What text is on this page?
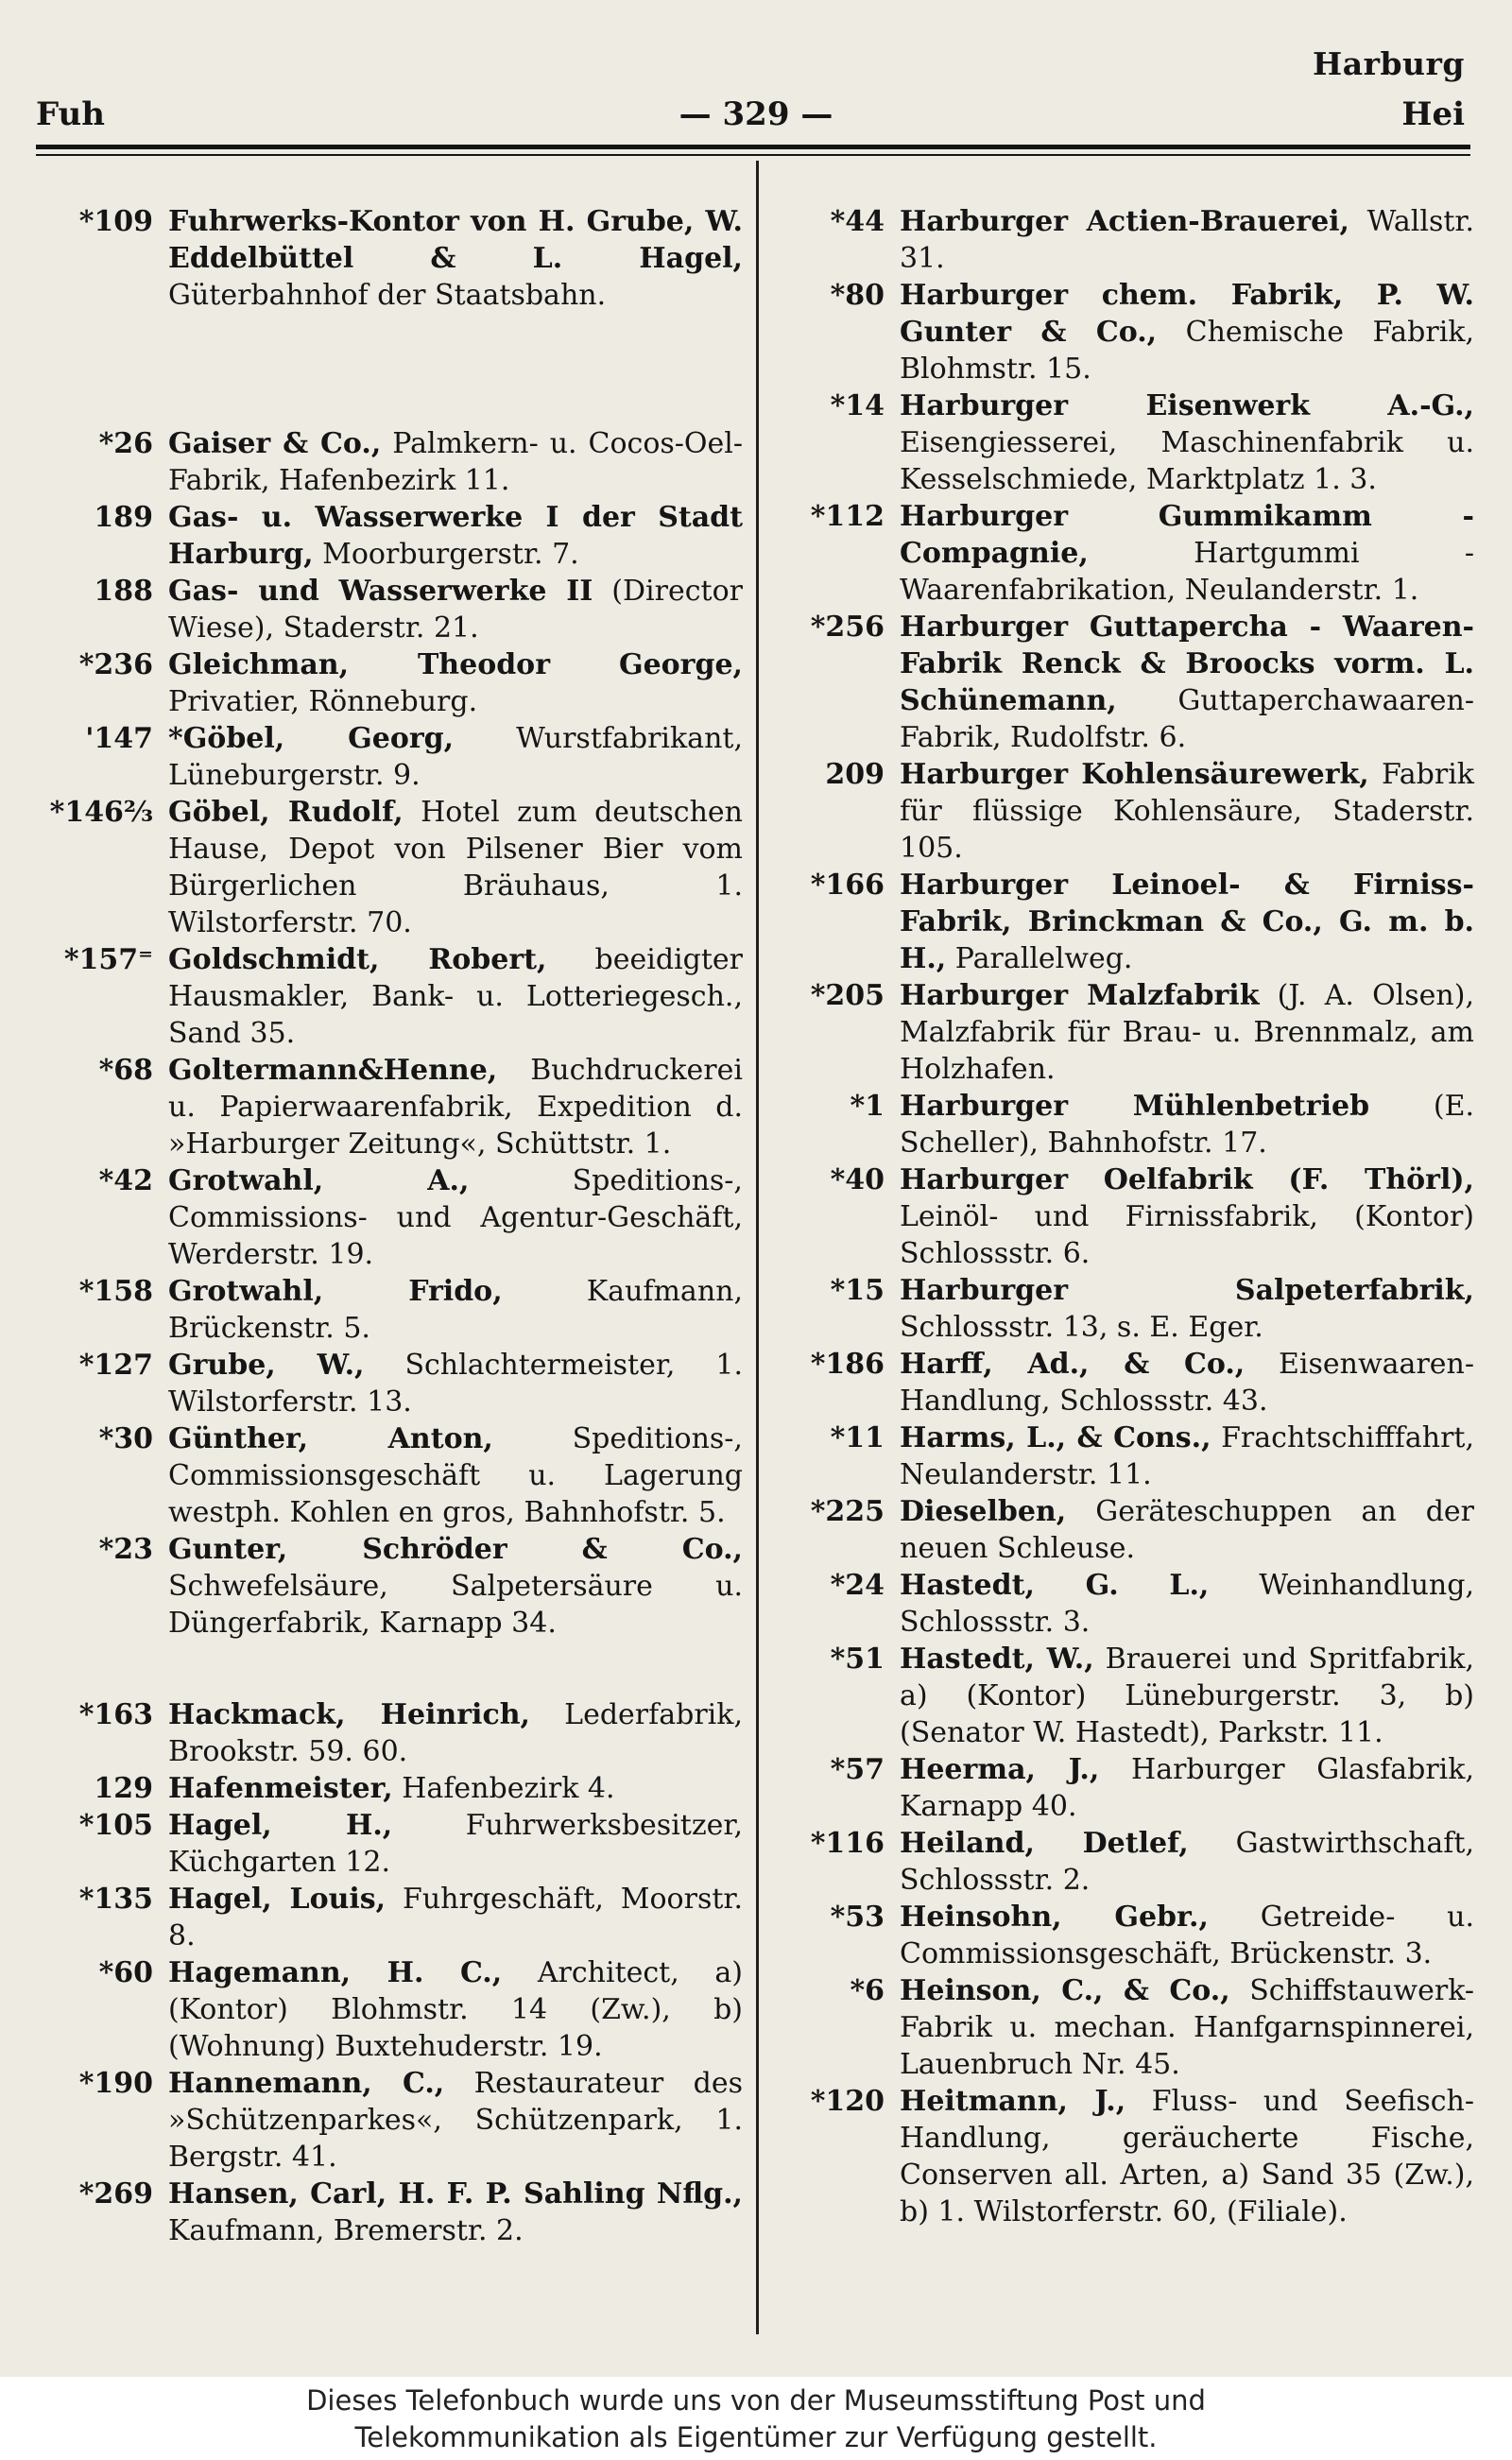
Harburg
Fuh	— 329 —	Hei
*109 Fuhrwerks-Kontor von H. Grube, W. Eddelbüttel & L. Hagel, Güterbahnhof der Staatsbahn.
*26 Gaiser & Co., Palmkern- u. Cocos-Oel-Fabrik, Hafenbezirk 11.
189 Gas- u. Wasserwerke I der Stadt Harburg, Moorburgerstr. 7.
188 Gas- und Wasserwerke II (Director Wiese), Staderstr. 21.
*236 Gleichman, Theodor George, Privatier, Rönneburg.
'147 *Göbel, Georg, Wurstfabrikant, Lüneburgerstr. 9.
*146⅔ Göbel, Rudolf, Hotel zum deutschen Hause, Depot von Pilsener Bier vom Bürgerlichen Bräuhaus, 1. Wilstorferstr. 70.
*157⁼ Goldschmidt, Robert, beeidigter Hausmakler, Bank- u. Lotteriegesch., Sand 35.
*68 Goltermann&Henne, Buchdruckerei u. Papierwaarenfabrik, Expedition d. »Harburger Zeitung«, Schüttstr. 1.
*42 Grotwahl, A.,	Speditions-, Commissions- und Agentur-Geschäft, Werderstr. 19.
*158 Grotwahl, Frido,	Kaufmann, Brückenstr. 5.
*127 Grube, W., Schlachtermeister, 1. Wilstorferstr. 13.
*30 Günther, Anton,	Speditions-, Commissionsgeschäft u. Lagerung westph. Kohlen en gros, Bahnhofstr. 5.
*23 Gunter, Schröder & Co., Schwefelsäure, Salpetersäure u. Düngerfabrik, Karnapp 34.
*163 Hackmack, Heinrich, Lederfabrik, Brookstr. 59. 60.
129 Hafenmeister, Hafenbezirk 4.
*105 Hagel, H.,	Fuhrwerksbesitzer, Küchgarten 12.
*135 Hagel, Louis, Fuhrgeschäft, Moorstr. 8.
*60 Hagemann, H. C., Architect, a) (Kontor) Blohmstr. 14 (Zw.), b) (Wohnung) Buxtehuderstr. 19.
*190 Hannemann, C., Restaurateur des »Schützenparkes«, Schützenpark, 1. Bergstr. 41.
*269 Hansen, Carl, H. F. P. Sahling Nflg., Kaufmann, Bremerstr. 2.
*44 Harburger Actien-Brauerei, Wallstr. 31.
*80 Harburger chem. Fabrik, P. W. Gunter & Co., Chemische Fabrik, Blohmstr. 15.
*14 Harburger Eisenwerk A.-G., Eisengiesserei, Maschinenfabrik u. Kesselschmiede, Marktplatz 1. 3.
*112 Harburger Gummikamm - Compagnie,	Hartgummi - Waarenfabrikation, Neulanderstr. 1.
*256 Harburger Guttapercha - Waaren-Fabrik Renck & Broocks vorm. L. Schünemann, Guttaperchawaaren-Fabrik, Rudolfstr. 6.
209 Harburger Kohlensäurewerk, Fabrik für flüssige Kohlensäure, Staderstr. 105.
*166 Harburger Leinoel- & Firniss-Fabrik, Brinckman & Co., G. m. b. H., Parallelweg.
*205 Harburger Malzfabrik (J. A. Olsen), Malzfabrik für Brau- u. Brennmalz, am Holzhafen.
*1 Harburger Mühlenbetrieb (E. Scheller), Bahnhofstr. 17.
*40 Harburger Oelfabrik (F. Thörl), Leinöl- und Firnissfabrik, (Kontor) Schlossstr. 6.
*15 Harburger Salpeterfabrik, Schlossstr. 13, s. E. Eger.
*186 Harff, Ad., & Co., Eisenwaaren-Handlung, Schlossstr. 43.
*11 Harms, L., & Cons., Frachtschifffahrt, Neulanderstr. 11.
*225 Dieselben, Geräteschuppen an der neuen Schleuse.
*24 Hastedt, G. L., Weinhandlung, Schlossstr. 3.
*51 Hastedt, W., Brauerei und Spritfabrik, a) (Kontor) Lüneburgerstr. 3, b) (Senator W. Hastedt), Parkstr. 11.
*57 Heerma, J., Harburger Glasfabrik, Karnapp 40.
*116 Heiland, Detlef, Gastwirthschaft, Schlossstr. 2.
*53 Heinsohn, Gebr., Getreide- u. Commissionsgeschäft, Brückenstr. 3.
*6 Heinson, C., & Co., Schiffstauwerk-Fabrik u. mechan. Hanfgarnspinnerei, Lauenbruch Nr. 45.
*120 Heitmann, J., Fluss- und Seefisch-Handlung, geräucherte Fische, Conserven all. Arten, a) Sand 35 (Zw.), b) 1. Wilstorferstr. 60, (Filiale).
Dieses Telefonbuch wurde uns von der Museumsstiftung Post und
Telekommunikation als Eigentümer zur Verfügung gestellt.
